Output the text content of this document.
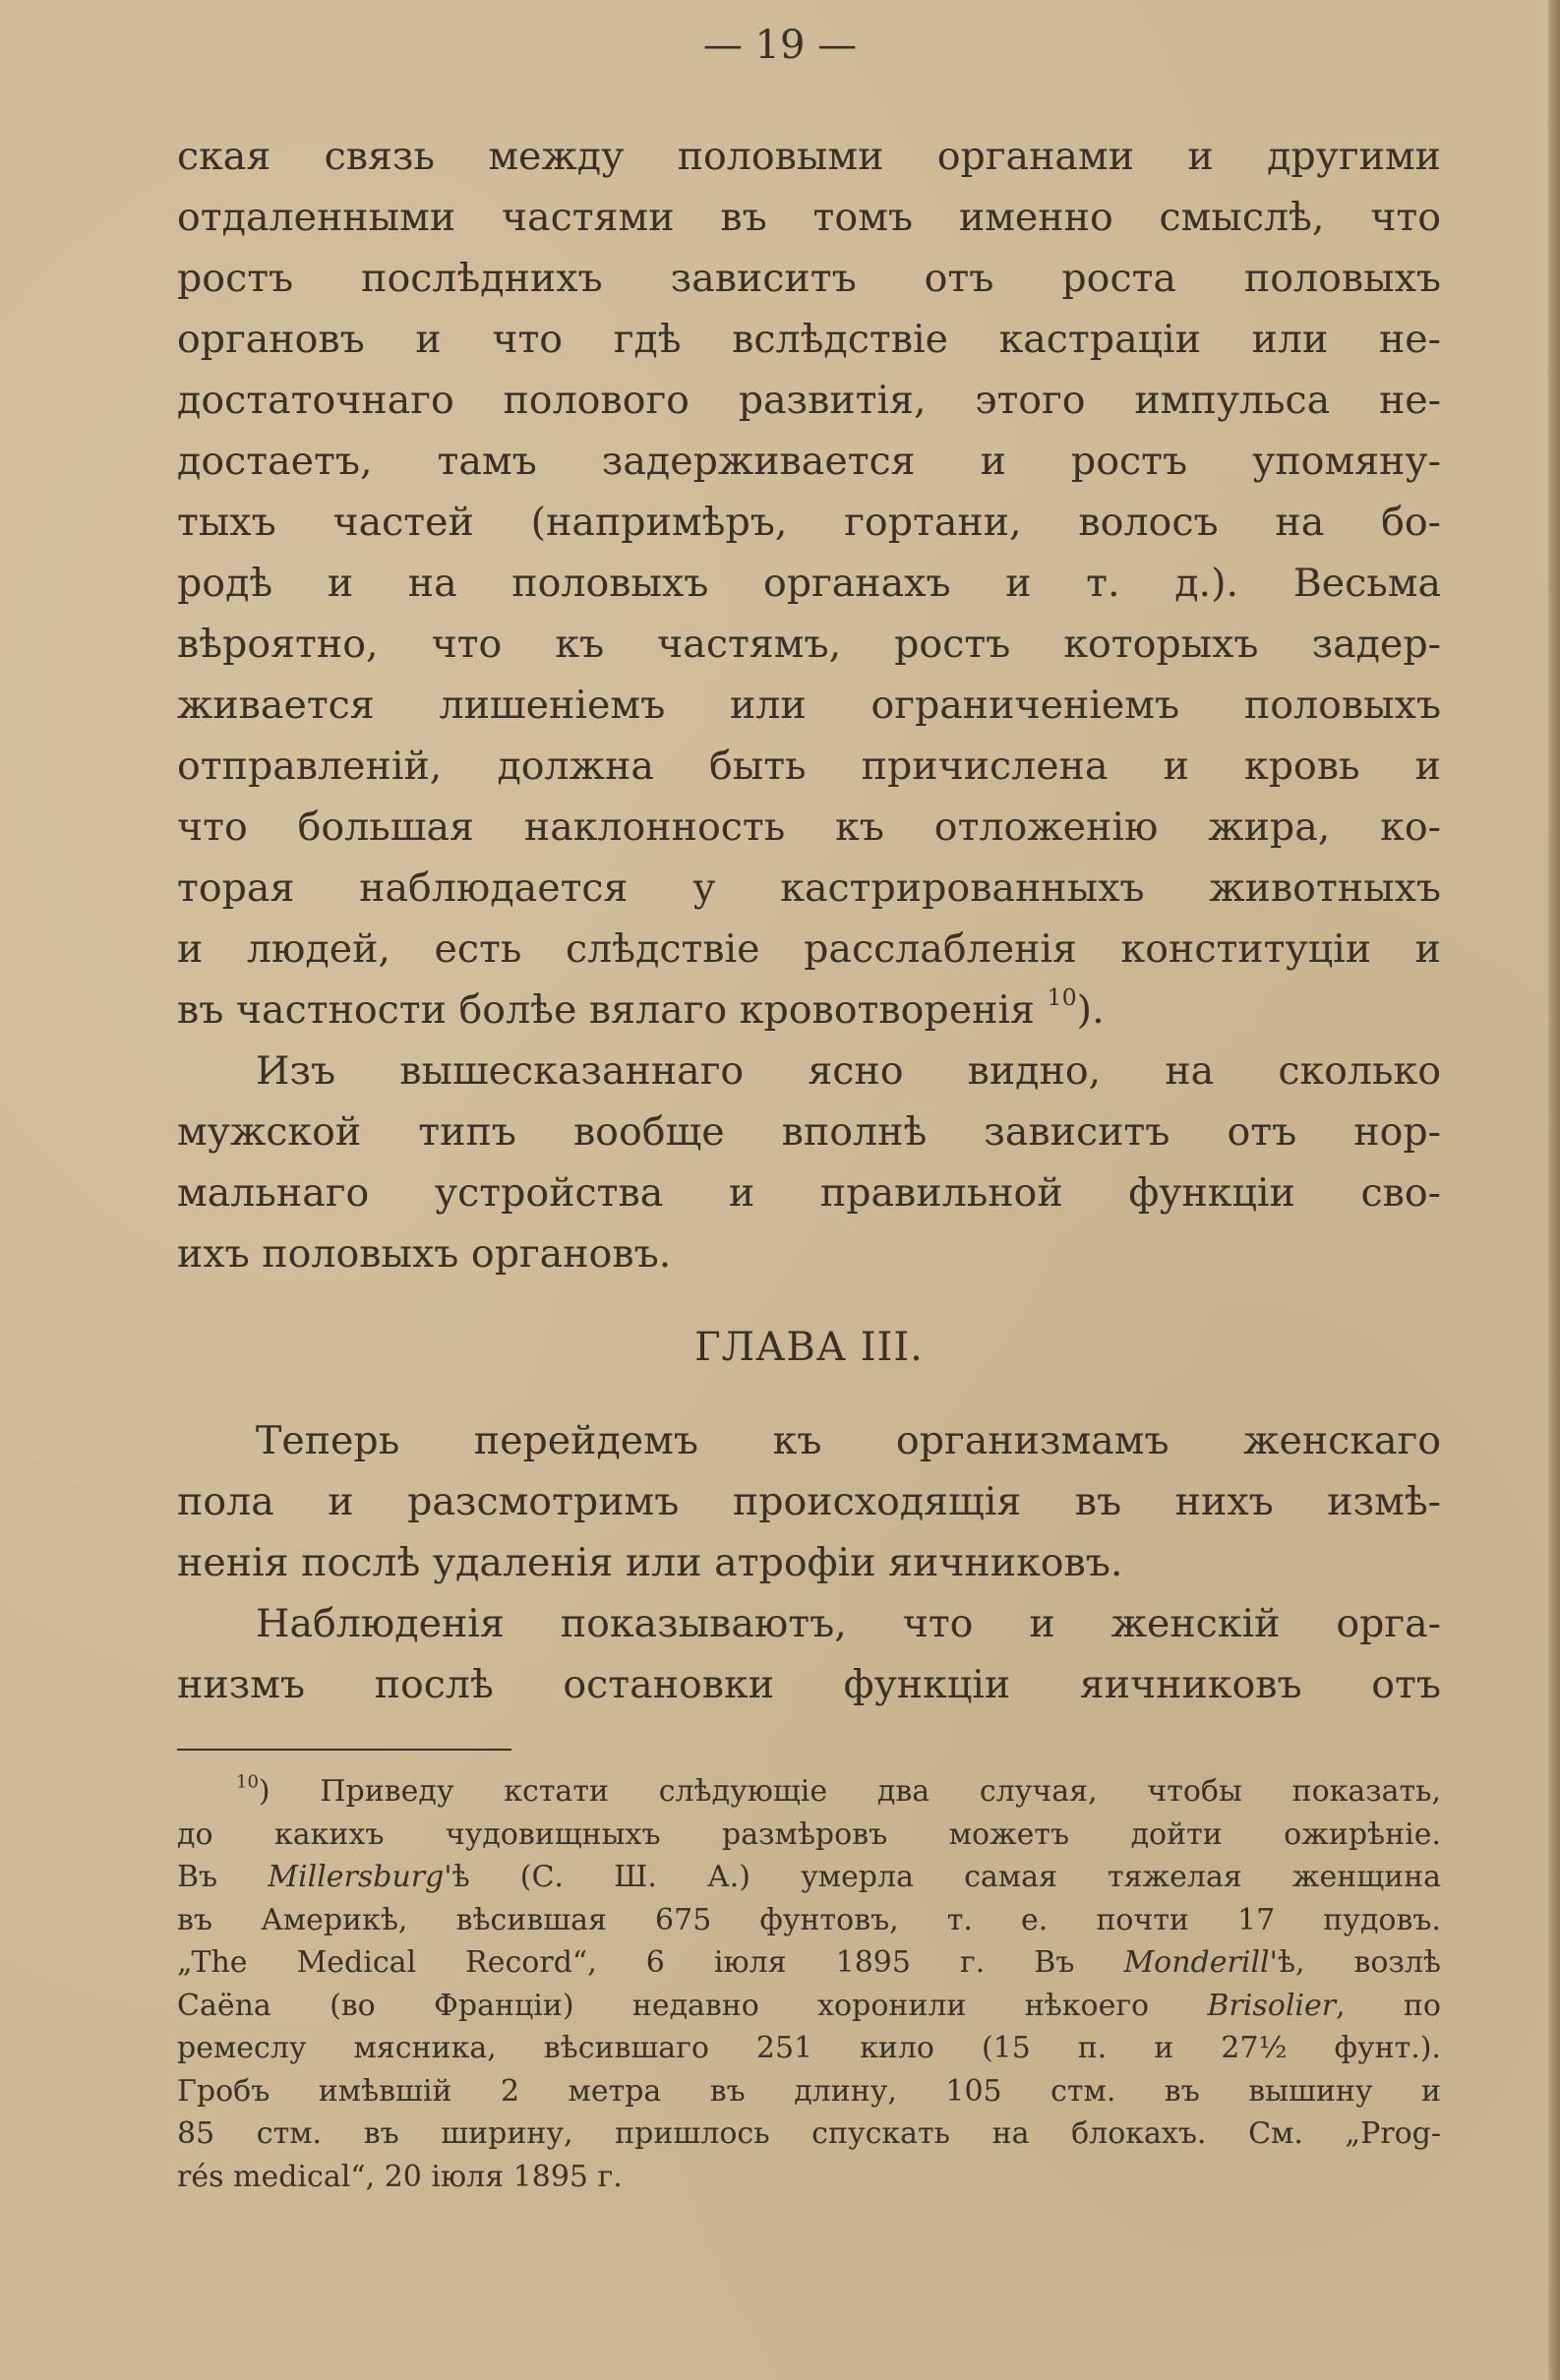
— 19 —
ская связь между половыми органами и другими
отдаленными частями въ томъ именно смыслѣ, что
ростъ послѣднихъ зависитъ отъ роста половыхъ
органовъ и что гдѣ вслѣдствіе кастраціи или не-
достаточнаго полового развитія, этого импульса не-
достаетъ, тамъ задерживается и ростъ упомяну-
тыхъ частей (напримѣръ, гортани, волосъ на бо-
родѣ и на половыхъ органахъ и т. д.). Весьма
вѣроятно, что къ частямъ, ростъ которыхъ задер-
живается лишеніемъ или ограниченіемъ половыхъ
отправленій, должна быть причислена и кровь и
что большая наклонность къ отложенію жира, ко-
торая наблюдается у кастрированныхъ животныхъ
и людей, есть слѣдствіе расслабленія конституціи и
въ частности болѣе вялаго кровотворенія $^{10}$).
Изъ вышесказаннаго ясно видно, на сколько
мужской типъ вообще вполнѣ зависитъ отъ нор-
мальнаго устройства и правильной функціи сво-
ихъ половыхъ органовъ.
ГЛАВА III.
Теперь перейдемъ къ организмамъ женскаго
пола и разсмотримъ происходящія въ нихъ измѣ-
ненія послѣ удаленія или атрофіи яичниковъ.
Наблюденія показываютъ, что и женскій орга-
низмъ послѣ остановки функціи яичниковъ отъ
$^{10}$) Приведу кстати слѣдующіе два случая, чтобы показать,
до какихъ чудовищныхъ размѣровъ можетъ дойти ожирѣніе.
Въ Millersburg'ѣ (С. Ш. А.) умерла самая тяжелая женщина
въ Америкѣ, вѣсившая 675 фунтовъ, т. е. почти 17 пудовъ.
„The Medical Record“, 6 іюля 1895 г. Въ Monderill'ѣ, возлѣ
Caёna (во Франціи) недавно хоронили нѣкоего Brisolier, по
ремеслу мясника, вѣсившаго 251 кило (15 п. и 27½ фунт.).
Гробъ имѣвшій 2 метра въ длину, 105 стм. въ вышину и
85 стм. въ ширину, пришлось спускать на блокахъ. См. „Prog-
rés medical“, 20 іюля 1895 г.
